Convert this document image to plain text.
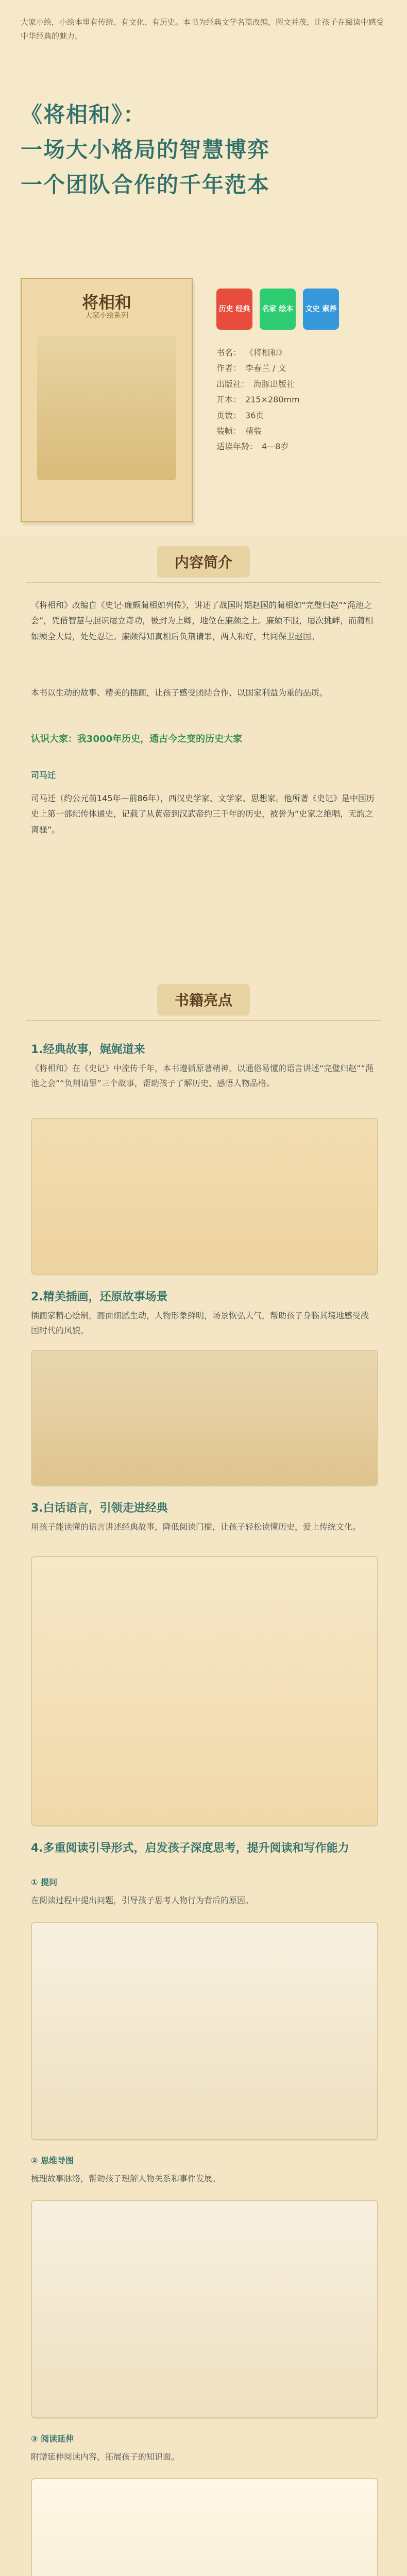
大家小绘，小绘本里有传统、有文化、有历史。本书为经典文学名篇改编，图文并茂，让孩子在阅读中感受中华经典的魅力。
《将相和》：
一场大小格局的智慧博弈
一个团队合作的千年范本
将相和
大家小绘系列
历史 经典	名家 绘本	文史 素养
书名： 《将相和》
作者： 李春兰 / 文
出版社： 海豚出版社
开本： 215×280mm
页数： 36页
装帧： 精装
适读年龄： 4—8岁
内容简介
《将相和》改编自《史记·廉颇蔺相如列传》，讲述了战国时期赵国的蔺相如“完璧归赵”“渑池之会”，凭借智慧与胆识屡立奇功，被封为上卿，地位在廉颇之上。廉颇不服，屡次挑衅，而蔺相如顾全大局，处处忍让。廉颇得知真相后负荆请罪，两人和好，共同保卫赵国。
本书以生动的故事、精美的插画，让孩子感受团结合作、以国家利益为重的品质。
认识大家：我3000年历史，通古今之变的历史大家
司马迁
司马迁（约公元前145年—前86年），西汉史学家、文学家、思想家。他所著《史记》是中国历史上第一部纪传体通史，记载了从黄帝到汉武帝约三千年的历史，被誉为“史家之绝唱，无韵之离骚”。
书籍亮点
1.经典故事，娓娓道来
《将相和》在《史记》中流传千年，本书遵循原著精神，以通俗易懂的语言讲述“完璧归赵”“渑池之会”“负荆请罪”三个故事，帮助孩子了解历史、感悟人物品格。
2.精美插画，还原故事场景
插画家精心绘制，画面细腻生动，人物形象鲜明，场景恢弘大气，帮助孩子身临其境地感受战国时代的风貌。
3.白话语言，引领走进经典
用孩子能读懂的语言讲述经典故事，降低阅读门槛，让孩子轻松读懂历史，爱上传统文化。
4.多重阅读引导形式，启发孩子深度思考，提升阅读和写作能力
① 提问
在阅读过程中提出问题，引导孩子思考人物行为背后的原因。
② 思维导图
梳理故事脉络，帮助孩子理解人物关系和事件发展。
③ 阅读延伸
附赠延伸阅读内容，拓展孩子的知识面。
